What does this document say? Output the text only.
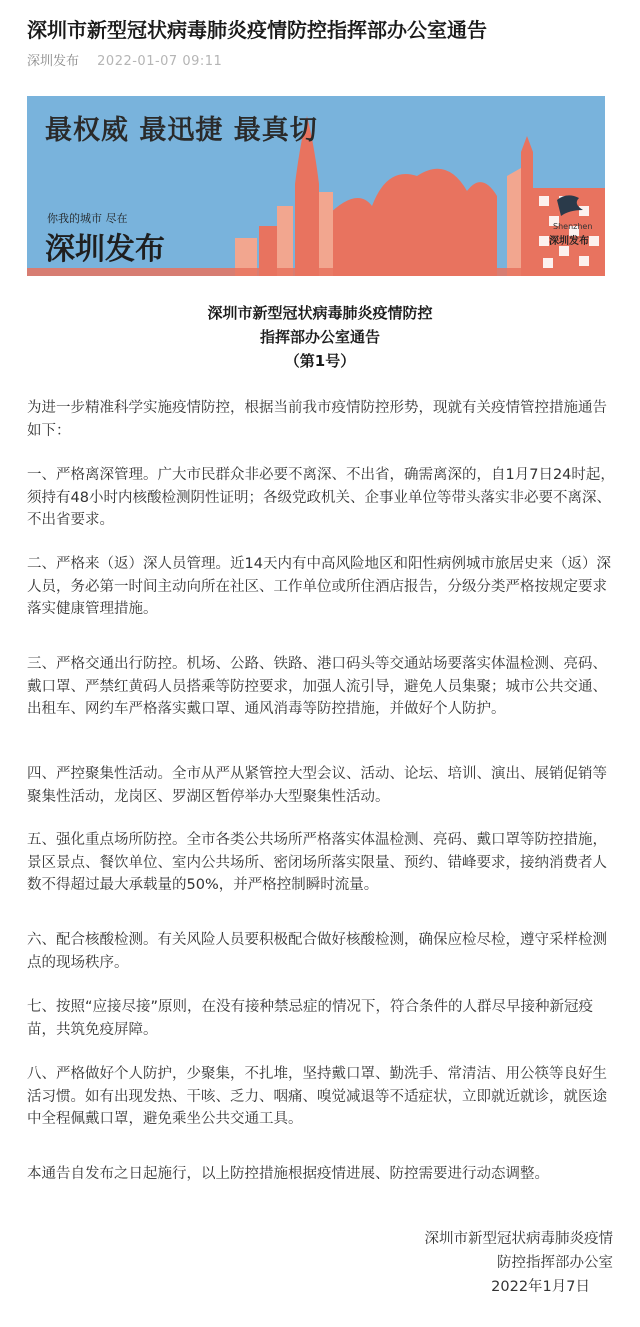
深圳市新型冠状病毒肺炎疫情防控指挥部办公室通告
深圳发布 2022-01-07 09:11
最权威 最迅捷 最真切
你我的城市 尽在
深圳发布
Shenzhen
深圳发布
深圳市新型冠状病毒肺炎疫情防控
指挥部办公室通告
（第1号）

为进一步精准科学实施疫情防控，根据当前我市疫情防控形势，现就有关疫情管控措施通告如下：

一、严格离深管理。广大市民群众非必要不离深、不出省，确需离深的，自1月7日24时起，须持有48小时内核酸检测阴性证明；各级党政机关、企事业单位等带头落实非必要不离深、不出省要求。

二、严格来（返）深人员管理。近14天内有中高风险地区和阳性病例城市旅居史来（返）深人员，务必第一时间主动向所在社区、工作单位或所住酒店报告，分级分类严格按规定要求落实健康管理措施。

三、严格交通出行防控。机场、公路、铁路、港口码头等交通站场要落实体温检测、亮码、戴口罩、严禁红黄码人员搭乘等防控要求，加强人流引导，避免人员集聚；城市公共交通、出租车、网约车严格落实戴口罩、通风消毒等防控措施，并做好个人防护。

四、严控聚集性活动。全市从严从紧管控大型会议、活动、论坛、培训、演出、展销促销等聚集性活动，龙岗区、罗湖区暂停举办大型聚集性活动。

五、强化重点场所防控。全市各类公共场所严格落实体温检测、亮码、戴口罩等防控措施，景区景点、餐饮单位、室内公共场所、密闭场所落实限量、预约、错峰要求，接纳消费者人数不得超过最大承载量的50%，并严格控制瞬时流量。

六、配合核酸检测。有关风险人员要积极配合做好核酸检测，确保应检尽检，遵守采样检测点的现场秩序。

七、按照“应接尽接”原则，在没有接种禁忌症的情况下，符合条件的人群尽早接种新冠疫苗，共筑免疫屏障。

八、严格做好个人防护，少聚集，不扎堆，坚持戴口罩、勤洗手、常清洁、用公筷等良好生活习惯。如有出现发热、干咳、乏力、咽痛、嗅觉减退等不适症状，立即就近就诊，就医途中全程佩戴口罩，避免乘坐公共交通工具。

本通告自发布之日起施行，以上防控措施根据疫情进展、防控需要进行动态调整。

深圳市新型冠状病毒肺炎疫情
防控指挥部办公室
2022年1月7日
